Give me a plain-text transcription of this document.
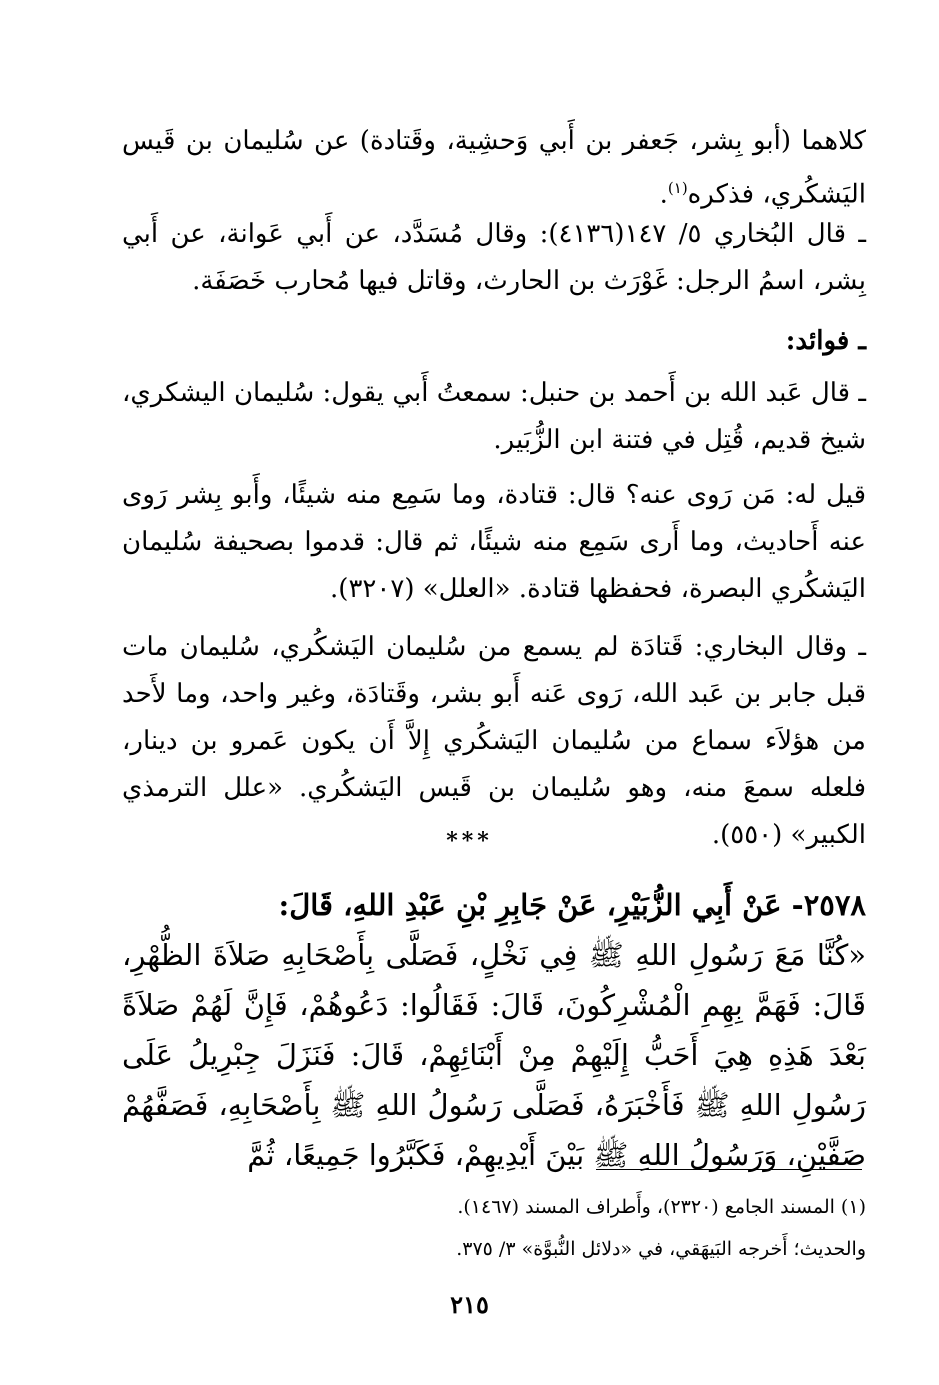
كلاهما (أبو بِشر، جَعفر بن أَبي وَحشِية، وقَتادة) عن سُليمان بن قَيس اليَشكُري، فذكره$^{(١)}$.

ـ قال البُخاري ٥/ ١٤٧(٤١٣٦): وقال مُسَدَّد، عن أَبي عَوانة، عن أَبي بِشر، اسمُ الرجل: غَوْرَث بن الحارث، وقاتل فيها مُحارب خَصَفَة.

ـ فوائد:

ـ قال عَبد الله بن أَحمد بن حنبل: سمعتُ أَبي يقول: سُليمان اليشكري، شيخ قديم، قُتِل في فتنة ابن الزُّبَير.

قيل له: مَن رَوى عنه؟ قال: قتادة، وما سَمِع منه شيئًا، وأَبو بِشر رَوى عنه أَحاديث، وما أَرى سَمِع منه شيئًا، ثم قال: قدموا بصحيفة سُليمان اليَشكُري البصرة، فحفظها قتادة. «العلل» (٣٢٠٧).

ـ وقال البخاري: قَتادَة لم يسمع من سُليمان اليَشكُري، سُليمان مات قبل جابر بن عَبد الله، رَوى عَنه أَبو بشر، وقَتادَة، وغير واحد، وما لأَحد من هؤلاَء سماع من سُليمان اليَشكُري إِلاَّ أَن يكون عَمرو بن دينار، فلعله سمعَ منه، وهو سُليمان بن قَيس اليَشكُري. «علل الترمذي الكبير» (٥٥٠).

***

٢٥٧٨- عَنْ أَبِي الزُّبَيْرِ، عَنْ جَابِرِ بْنِ عَبْدِ اللهِ، قَالَ:

«كُنَّا مَعَ رَسُولِ اللهِ ﷺ فِي نَخْلٍ، فَصَلَّى بِأَصْحَابِهِ صَلاَةَ الظُّهْرِ، قَالَ: فَهَمَّ بِهِمِ الْمُشْرِكُونَ، قَالَ: فَقَالُوا: دَعُوهُمْ، فَإِنَّ لَهُمْ صَلاَةً بَعْدَ هَذِهِ هِيَ أَحَبُّ إِلَيْهِمْ مِنْ أَبْنَائِهِمْ، قَالَ: فَنَزَلَ جِبْرِيلُ عَلَى رَسُولِ اللهِ ﷺ فَأَخْبَرَهُ، فَصَلَّى رَسُولُ اللهِ ﷺ بِأَصْحَابِهِ، فَصَفَّهُمْ صَفَّيْنِ، وَرَسُولُ اللهِ ﷺ بَيْنَ أَيْدِيهِمْ، فَكَبَّرُوا جَمِيعًا، ثُمَّ

(١) المسند الجامع (٢٣٢٠)، وأَطراف المسند (١٤٦٧).

والحديث؛ أَخرجه البَيهَقي، في «دلائل النُّبوَّة» ٣/ ٣٧٥.

٢١٥
